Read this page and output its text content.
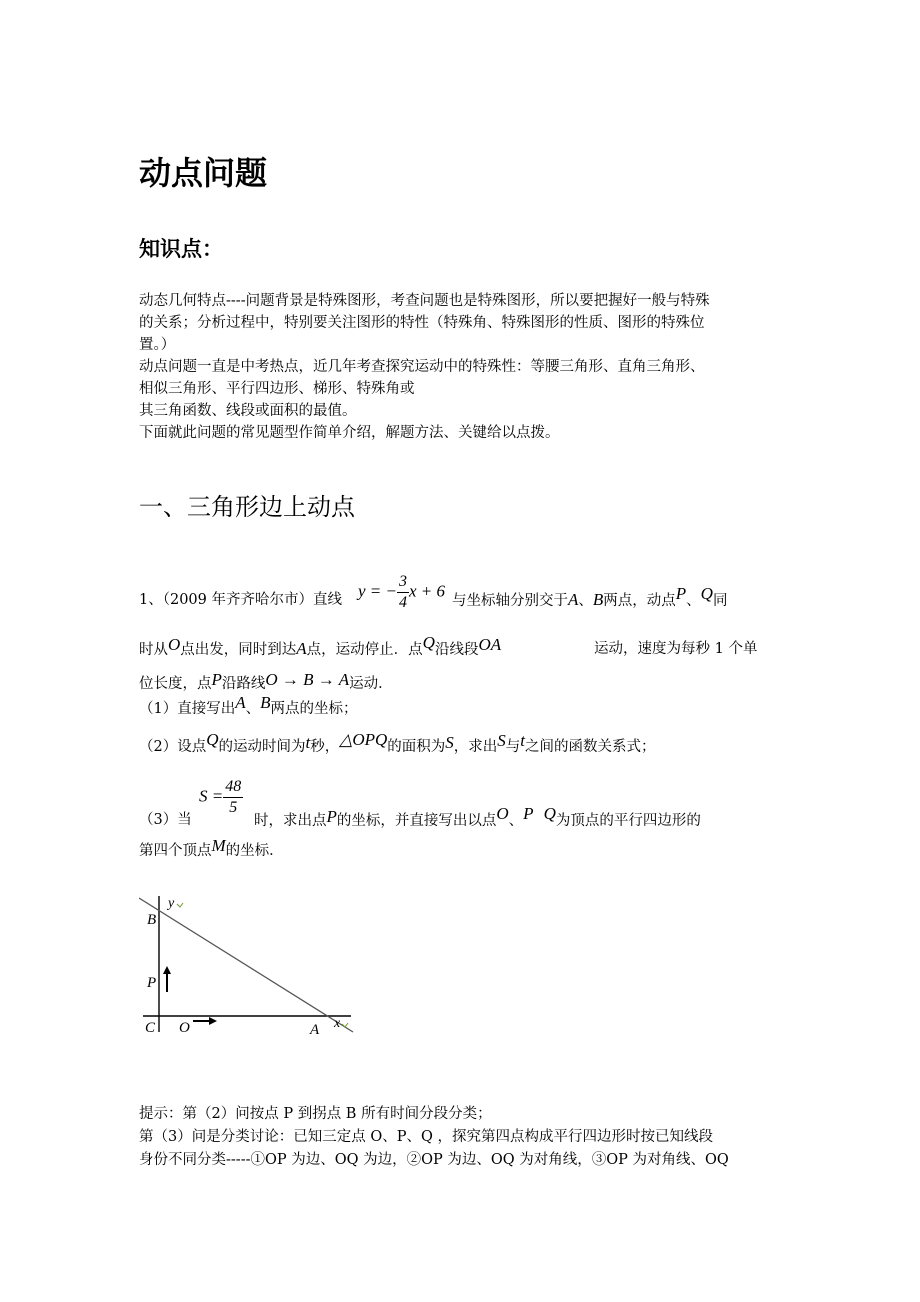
动点问题
知识点：
动态几何特点----问题背景是特殊图形，考查问题也是特殊图形，所以要把握好一般与特殊
的关系；分析过程中，特别要关注图形的特性（特殊角、特殊图形的性质、图形的特殊位
置。）
动点问题一直是中考热点，近几年考查探究运动中的特殊性：等腰三角形、直角三角形、
相似三角形、平行四边形、梯形、特殊角或
其三角函数、线段或面积的最值。
下面就此问题的常见题型作简单介绍，解题方法、关键给以点拨。
一、三角形边上动点
1、（2009 年齐齐哈尔市）直线 y = − $\frac{3}{4}$ x + 6
与坐标轴分别交于A、B两点，动点P、Q同
时从O点出发，同时到达A点，运动停止．点Q沿线段OA	运动，速度为每秒 1 个单
位长度，点P沿路线O → B → A运动．
（1）直接写出A、B两点的坐标；
（2）设点Q的运动时间为t秒，△OPQ的面积为S，求出S与t之间的函数关系式；
（3）当
$S = \frac{48}{5}$
时，求出点P的坐标，并直接写出以点O、P Q为顶点的平行四边形的
第四个顶点M的坐标．
y
B
P
C O	A x
提示：第（2）问按点 P 到拐点 B 所有时间分段分类；
第（3）问是分类讨论：已知三定点 O、P、Q ，探究第四点构成平行四边形时按已知线段
身份不同分类-----①OP 为边、OQ 为边，②OP 为边、OQ 为对角线，③OP 为对角线、OQ
